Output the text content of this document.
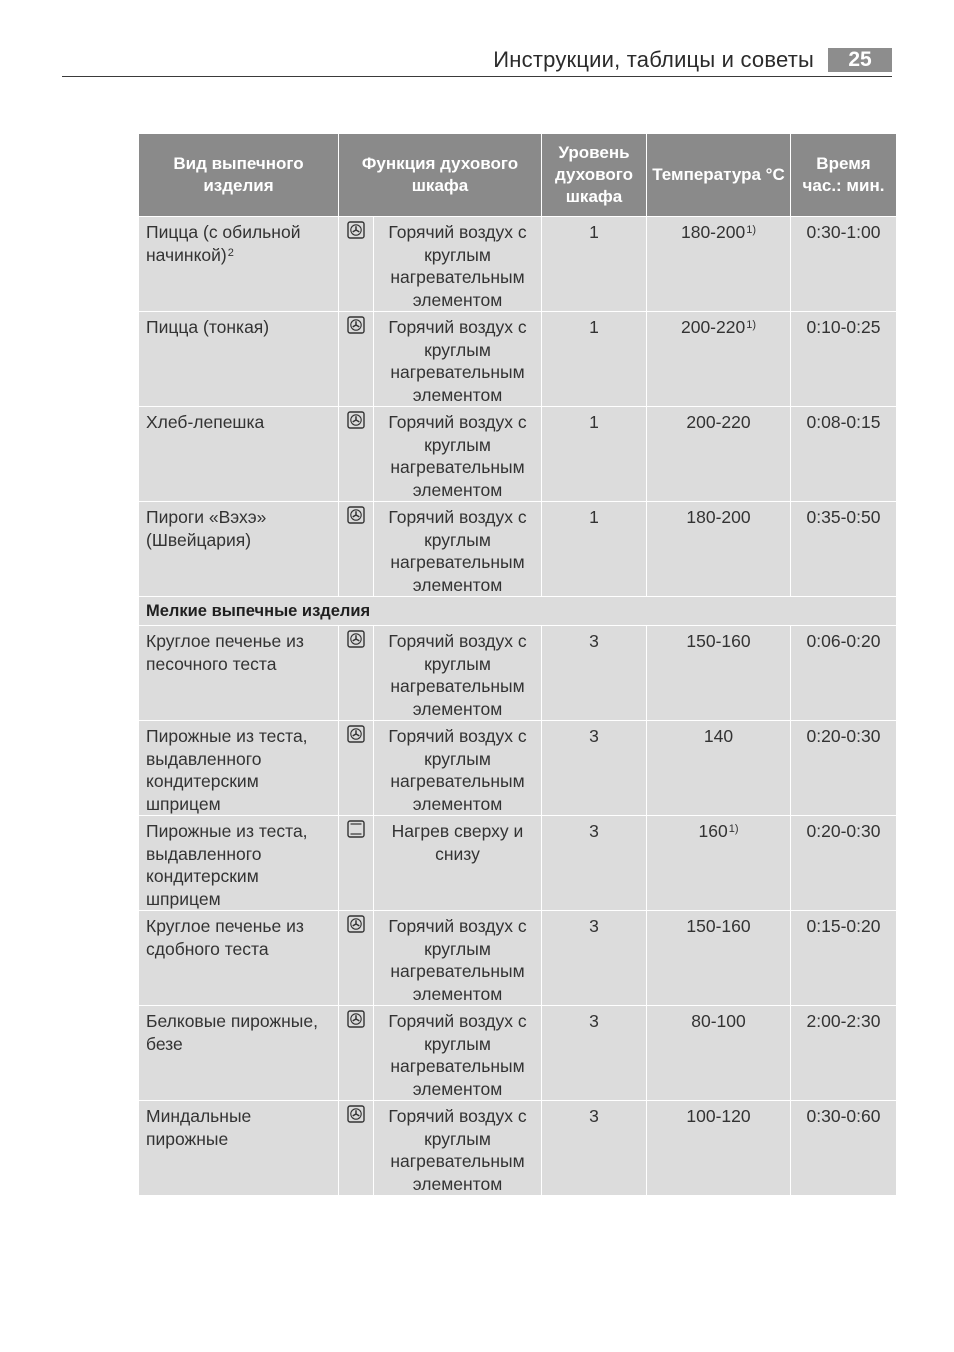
Инструкции, таблицы и советы	25
Вид выпечного изделия	Функция духового шкафа		Уровень духового шкафа	Температура °C	Время час.: мин.
Пицца (с обильной начинкой)$^2$		Горячий воздух с круглым нагревательным элементом	1	180-200$^{1)}$	0:30-1:00
Пицца (тонкая)		Горячий воздух с круглым нагревательным элементом	1	200-220$^{1)}$	0:10-0:25
Хлеб-лепешка		Горячий воздух с круглым нагревательным элементом	1	200-220	0:08-0:15
Пироги «Вэхэ» (Швейцария)		Горячий воздух с круглым нагревательным элементом	1	180-200	0:35-0:50
Мелкие выпечные изделия					
Круглое печенье из песочного теста		Горячий воздух с круглым нагревательным элементом	3	150-160	0:06-0:20
Пирожные из теста, выдавленного кондитерским шприцем		Горячий воздух с круглым нагревательным элементом	3	140	0:20-0:30
Пирожные из теста, выдавленного кондитерским шприцем		Нагрев сверху и снизу	3	160$^{1)}$	0:20-0:30
Круглое печенье из сдобного теста		Горячий воздух с круглым нагревательным элементом	3	150-160	0:15-0:20
Белковые пирожные, безе		Горячий воздух с круглым нагревательным элементом	3	80-100	2:00-2:30
Миндальные пирожные		Горячий воздух с круглым нагревательным элементом	3	100-120	0:30-0:60
